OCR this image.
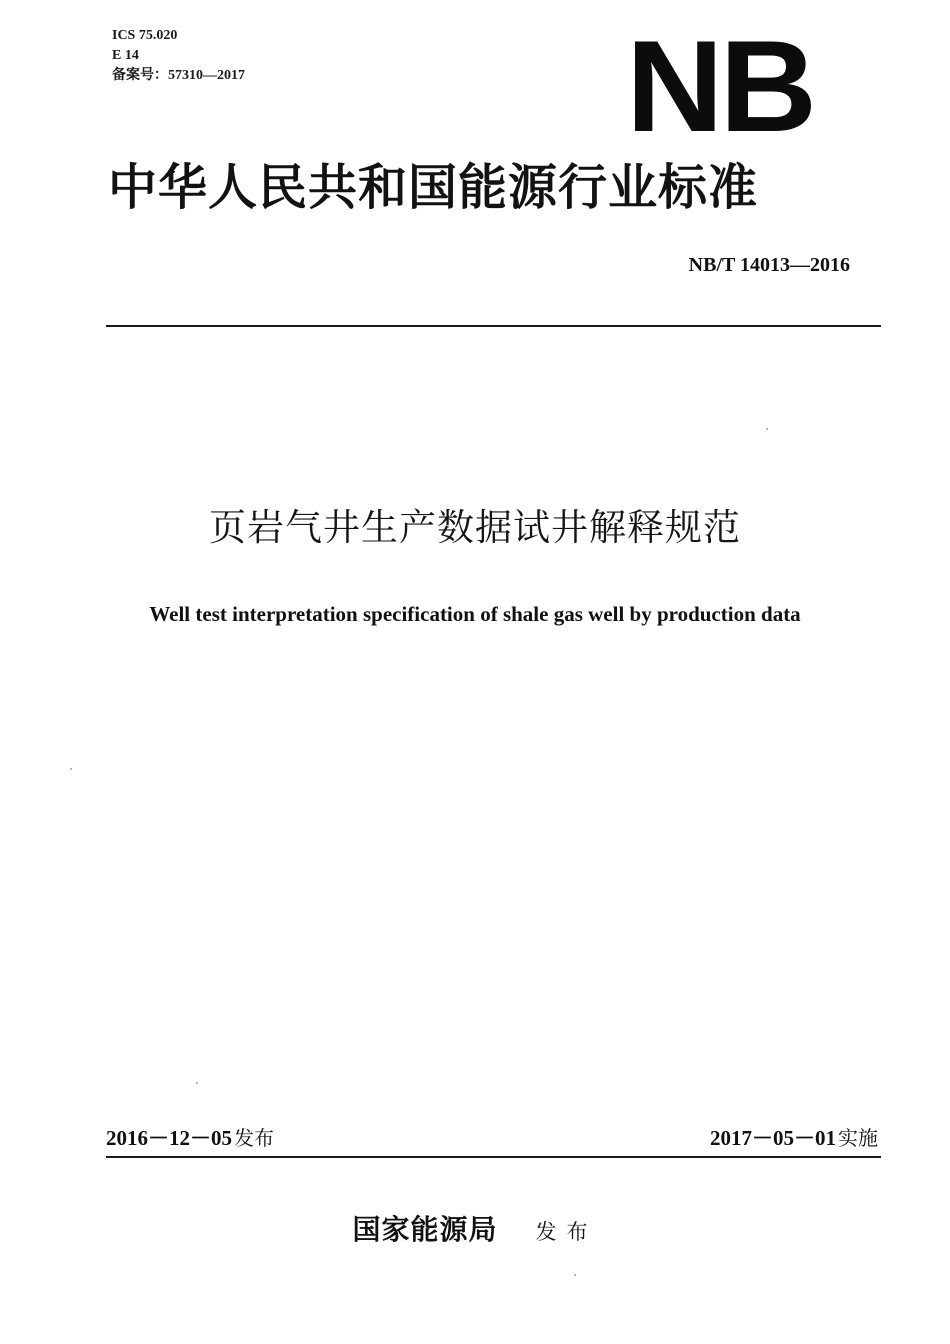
ICS 75.020
E 14
备案号：57310—2017	NB
中华人民共和国能源行业标准
NB/T 14013—2016
页岩气井生产数据试井解释规范
Well test interpretation specification of shale gas well by production data
2016－12－05 发布	2017－05－01 实施
国家能源局 发布
